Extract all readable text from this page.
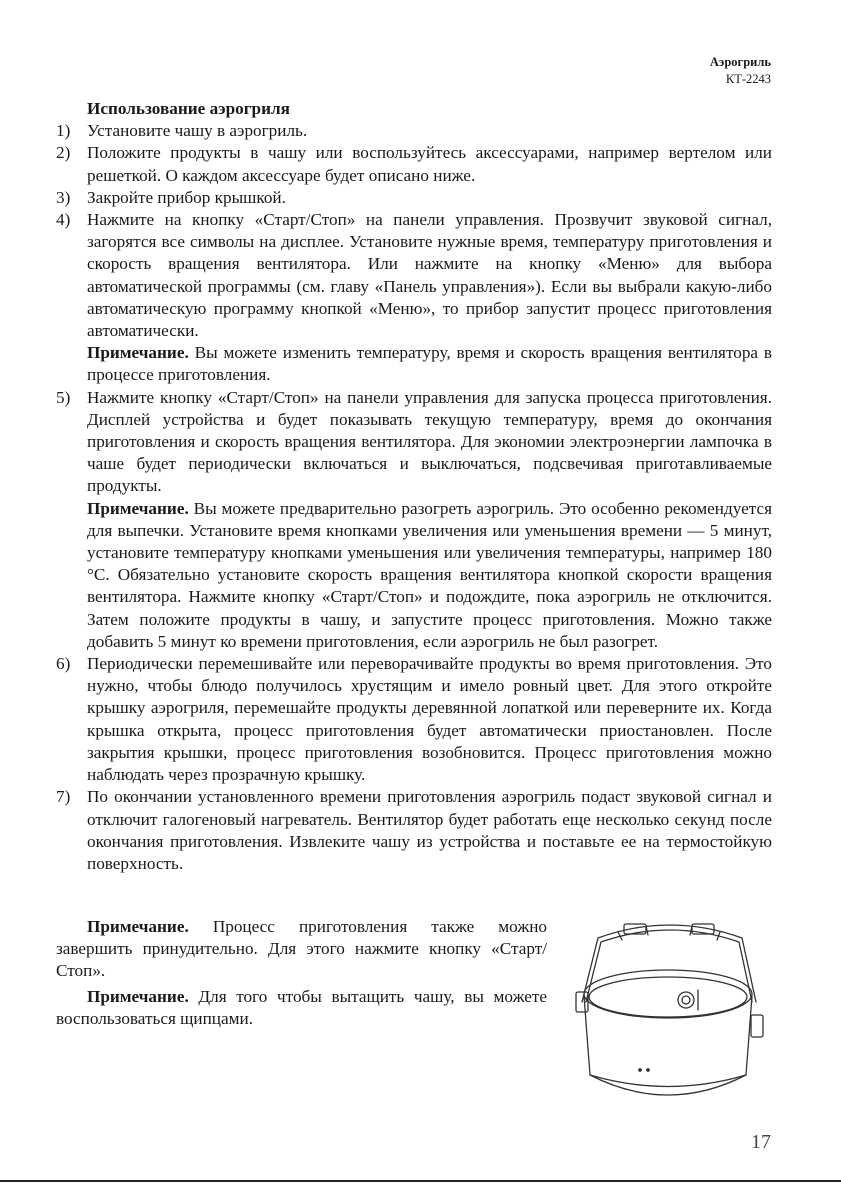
Аэрогриль
КТ-2243
Использование аэрогриля
1) Установите чашу в аэрогриль.

2) Положите продукты в чашу или воспользуйтесь аксессуарами, например вертелом или решеткой. О каждом аксессуаре будет описано ниже.

3) Закройте прибор крышкой.

4) Нажмите на кнопку «Старт/Стоп» на панели управления. Прозвучит звуковой сигнал, загорятся все символы на дисплее. Установите нужные время, температуру приготовления и скорость вращения вентилятора. Или нажмите на кнопку «Меню» для выбора автоматической программы (см. главу «Панель управления»). Если вы выбрали какую-либо автоматическую программу кнопкой «Меню», то прибор запустит процесс приготовления автоматически.

Примечание. Вы можете изменить температуру, время и скорость вращения вентилятора в процессе приготовления.

5) Нажмите кнопку «Старт/Стоп» на панели управления для запуска процесса приготовления. Дисплей устройства и будет показывать текущую температуру, время до окончания приготовления и скорость вращения вентилятора. Для экономии электроэнергии лампочка в чаше будет периодически включаться и выключаться, подсвечивая приготавливаемые продукты.

Примечание. Вы можете предварительно разогреть аэрогриль. Это особенно рекомендуется для выпечки. Установите время кнопками увеличения или уменьшения времени — 5 минут, установите температуру кнопками уменьшения или увеличения температуры, например 180 °С. Обязательно установите скорость вращения вентилятора кнопкой скорости вращения вентилятора. Нажмите кнопку «Старт/Стоп» и подождите, пока аэрогриль не отключится. Затем положите продукты в чашу, и запустите процесс приготовления. Можно также добавить 5 минут ко времени приготовления, если аэрогриль не был разогрет.

6) Периодически перемешивайте или переворачивайте продукты во время приготовления. Это нужно, чтобы блюдо получилось хрустящим и имело ровный цвет. Для этого откройте крышку аэрогриля, перемешайте продукты деревянной лопаткой или переверните их. Когда крышка открыта, процесс приготовления будет автоматически приостановлен. После закрытия крышки, процесс приготовления возобновится. Процесс приготовления можно наблюдать через прозрачную крышку.

7) По окончании установленного времени приготовления аэрогриль подаст звуковой сигнал и отключит галогеновый нагреватель. Вентилятор будет работать еще несколько секунд после окончания приготовления. Извлеките чашу из устройства и поставьте ее на термостойкую поверхность.

Примечание. Процесс приготовления также можно завершить принудительно. Для этого нажмите кнопку «Старт/Стоп».

Примечание. Для того чтобы вытащить чашу, вы можете воспользоваться щипцами.

17
